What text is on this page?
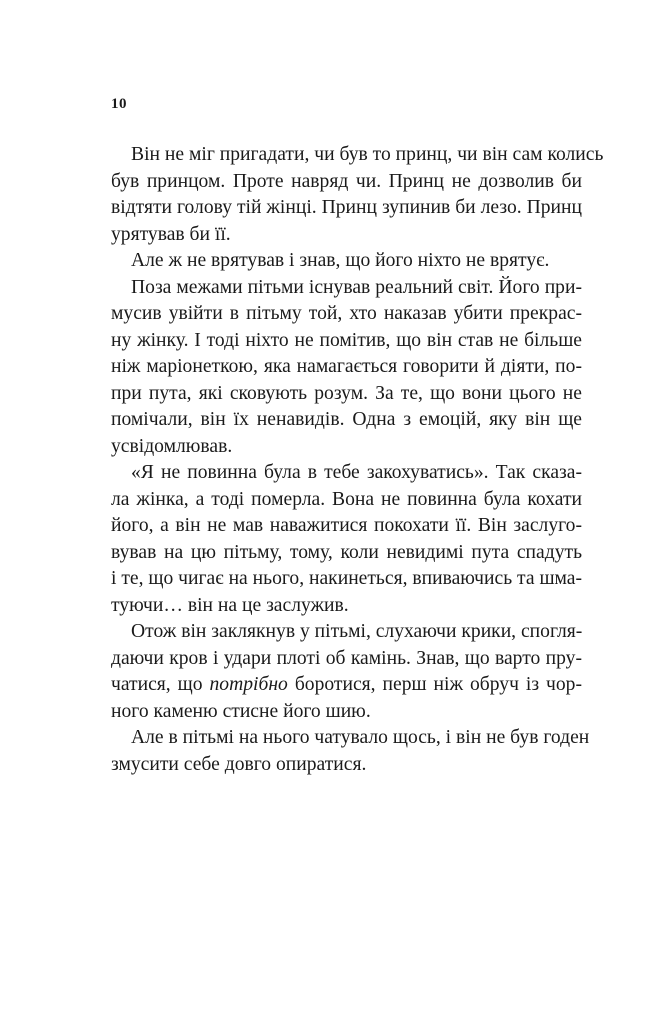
10

Він не міг пригадати, чи був то принц, чи він сам колись
був принцом. Проте навряд чи. Принц не дозволив би
відтяти голову тій жінці. Принц зупинив би лезо. Принц
урятував би її.
Але ж не врятував і знав, що його ніхто не врятує.
Поза межами пітьми існував реальний світ. Його при-
мусив увійти в пітьму той, хто наказав убити прекрас-
ну жінку. І тоді ніхто не помітив, що він став не більше
ніж маріонеткою, яка намагається говорити й діяти, по-
при пута, які сковують розум. За те, що вони цього не
помічали, він їх ненавидів. Одна з емоцій, яку він ще
усвідомлював.
«Я не повинна була в тебе закохуватись». Так сказа-
ла жінка, а тоді померла. Вона не повинна була кохати
його, а він не мав наважитися покохати її. Він заслуго-
вував на цю пітьму, тому, коли невидимі пута спадуть
і те, що чигає на нього, накинеться, впиваючись та шма-
туючи… він на це заслужив.
Отож він заклякнув у пітьмі, слухаючи крики, спогля-
даючи кров і удари плоті об камінь. Знав, що варто пру-
чатися, що потрібно боротися, перш ніж обруч із чор-
ного каменю стисне його шию.
Але в пітьмі на нього чатувало щось, і він не був годен
змусити себе довго опиратися.
